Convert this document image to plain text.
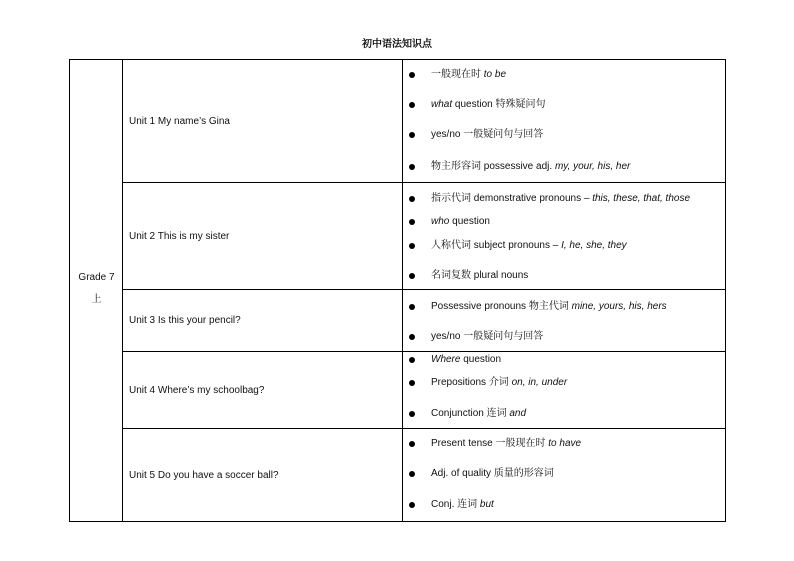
初中语法知识点
Grade 7
上
Unit 1 My name’s Gina
一般现在时 to be
what question 特殊疑问句
yes/no 一般疑问句与回答
物主形容词 possessive adj. my, your, his, her
Unit 2 This is my sister
指示代词 demonstrative pronouns – this, these, that, those
who question
人称代词 subject pronouns – I, he, she, they
名词复数 plural nouns
Unit 3 Is this your pencil?
Possessive pronouns 物主代词 mine, yours, his, hers
yes/no 一般疑问句与回答
Unit 4 Where’s my schoolbag?
Where question
Prepositions 介词 on, in, under
Conjunction 连词 and
Unit 5 Do you have a soccer ball?
Present tense 一般现在时 to have
Adj. of quality 质量的形容词
Conj. 连词 but
